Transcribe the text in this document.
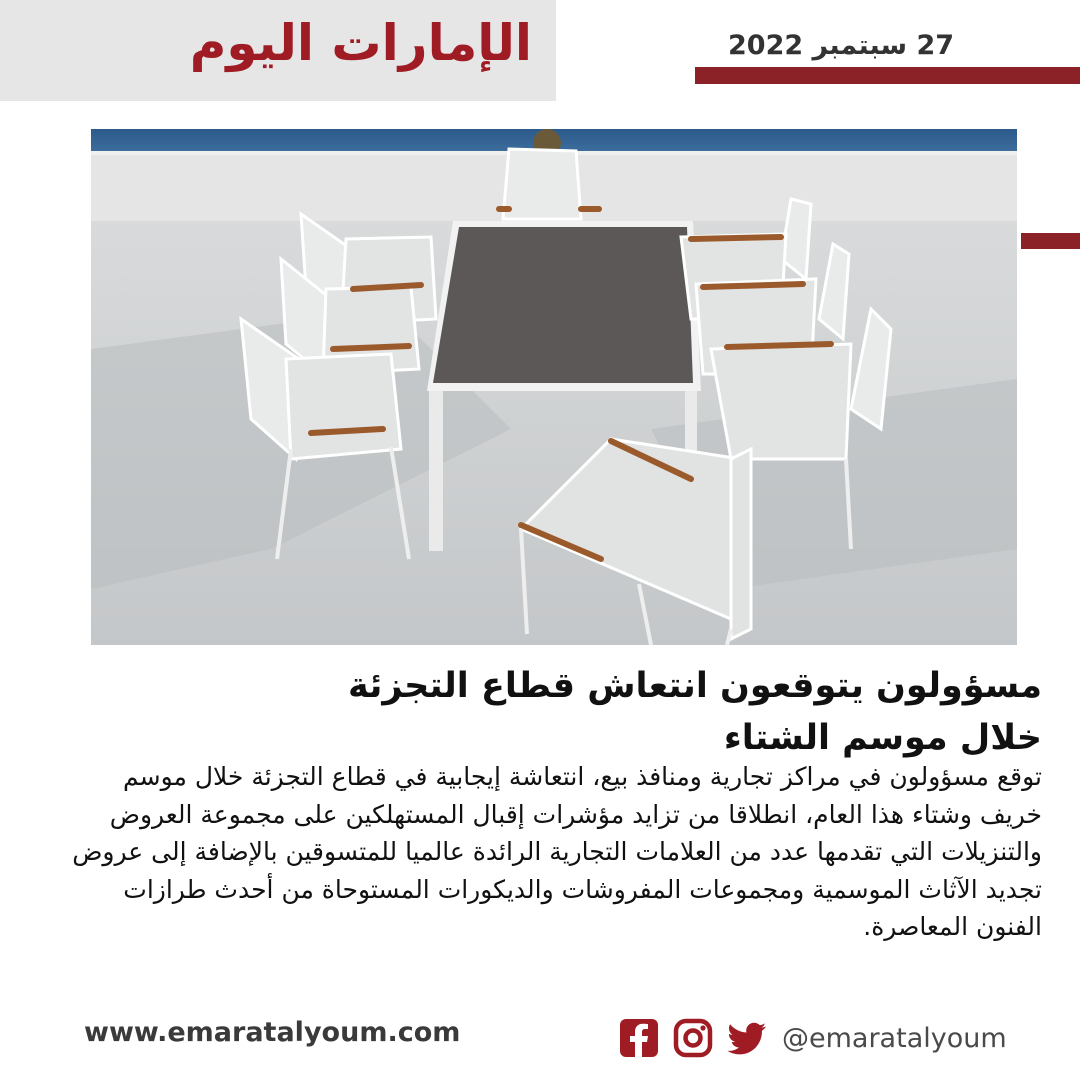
الإمارات اليوم	27 سبتمبر 2022
مسؤولون يتوقعون انتعاش قطاع التجزئة
خلال موسم الشتاء
توقع مسؤولون في مراكز تجارية ومنافذ بيع، انتعاشة إيجابية في قطاع التجزئة خلال موسم خريف وشتاء هذا العام، انطلاقا من تزايد مؤشرات إقبال المستهلكين على مجموعة العروض والتنزيلات التي تقدمها عدد من العلامات التجارية الرائدة عالميا للمتسوقين بالإضافة إلى عروض تجديد الآثاث الموسمية ومجموعات المفروشات والديكورات المستوحاة من أحدث طرازات الفنون المعاصرة.
www.emaratalyoum.com	@emaratalyoum
